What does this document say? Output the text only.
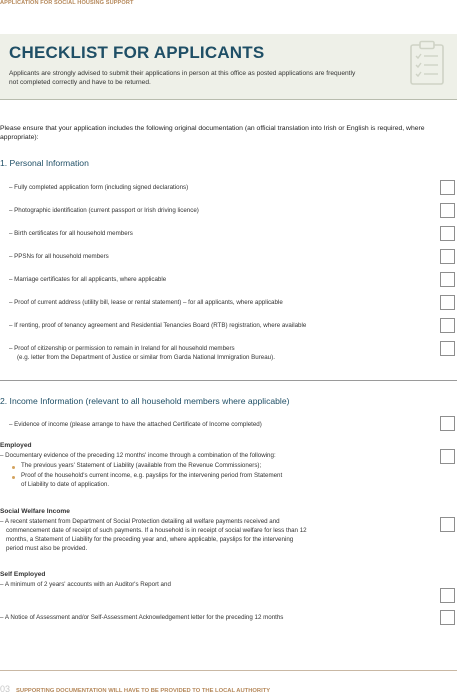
APPLICATION FOR SOCIAL HOUSING SUPPORT
CHECKLIST FOR APPLICANTS
Applicants are strongly advised to submit their applications in person at this office as posted applications are frequently not completed correctly and have to be returned.
Please ensure that your application includes the following original documentation (an official translation into Irish or English is required, where appropriate):
1. Personal Information
– Fully completed application form (including signed declarations)
– Photographic identification (current passport or Irish driving licence)
– Birth certificates for all household members
– PPSNs for all household members
– Marriage certificates for all applicants, where applicable
– Proof of current address (utility bill, lease or rental statement) – for all applicants, where applicable
– If renting, proof of tenancy agreement and Residential Tenancies Board (RTB) registration, where available
– Proof of citizenship or permission to remain in Ireland for all household members
(e.g. letter from the Department of Justice or similar from Garda National Immigration Bureau).
2. Income Information (relevant to all household members where applicable)
– Evidence of income (please arrange to have the attached Certificate of Income completed)
Employed
– Documentary evidence of the preceding 12 months' income through a combination of the following:
The previous years' Statement of Liability (available from the Revenue Commissioners);
Proof of the household's current income, e.g. payslips for the intervening period from Statement
of Liability to date of application.
Social Welfare Income
– A recent statement from Department of Social Protection detailing all welfare payments received and
commencement date of receipt of such payments. If a household is in receipt of social welfare for less than 12
months, a Statement of Liability for the preceding year and, where applicable, payslips for the intervening
period must also be provided.
Self Employed
– A minimum of 2 years' accounts with an Auditor's Report and
– A Notice of Assessment and/or Self-Assessment Acknowledgement letter for the preceding 12 months
03 SUPPORTING DOCUMENTATION WILL HAVE TO BE PROVIDED TO THE LOCAL AUTHORITY
